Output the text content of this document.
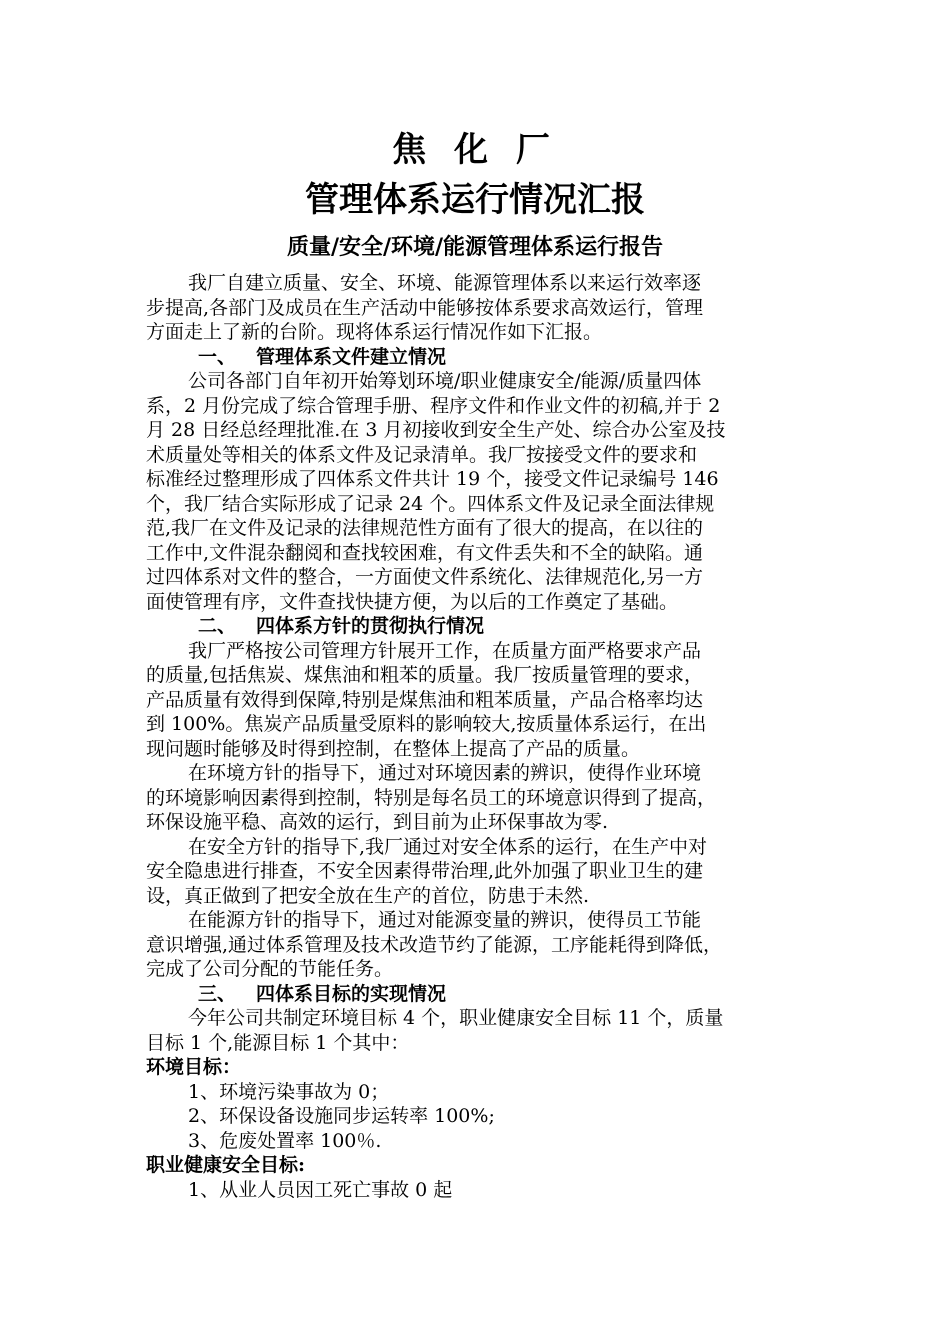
焦 化 厂
管理体系运行情况汇报
质量/安全/环境/能源管理体系运行报告
我厂自建立质量、安全、环境、能源管理体系以来运行效率逐
步提高,各部门及成员在生产活动中能够按体系要求高效运行，管理
方面走上了新的台阶。现将体系运行情况作如下汇报。
一、 管理体系文件建立情况
公司各部门自年初开始筹划环境/职业健康安全/能源/质量四体
系，2 月份完成了综合管理手册、程序文件和作业文件的初稿,并于 2
月 28 日经总经理批准.在 3 月初接收到安全生产处、综合办公室及技
术质量处等相关的体系文件及记录清单。我厂按接受文件的要求和
标准经过整理形成了四体系文件共计 19 个，接受文件记录编号 146
个，我厂结合实际形成了记录 24 个。四体系文件及记录全面法律规
范,我厂在文件及记录的法律规范性方面有了很大的提高，在以往的
工作中,文件混杂翻阅和查找较困难，有文件丢失和不全的缺陷。通
过四体系对文件的整合，一方面使文件系统化、法律规范化,另一方
面使管理有序，文件查找快捷方便，为以后的工作奠定了基础。
二、 四体系方针的贯彻执行情况
我厂严格按公司管理方针展开工作，在质量方面严格要求产品
的质量,包括焦炭、煤焦油和粗苯的质量。我厂按质量管理的要求，
产品质量有效得到保障,特别是煤焦油和粗苯质量，产品合格率均达
到 100%。焦炭产品质量受原料的影响较大,按质量体系运行，在出
现问题时能够及时得到控制，在整体上提高了产品的质量。
在环境方针的指导下，通过对环境因素的辨识，使得作业环境
的环境影响因素得到控制，特别是每名员工的环境意识得到了提高，
环保设施平稳、高效的运行，到目前为止环保事故为零.
在安全方针的指导下,我厂通过对安全体系的运行，在生产中对
安全隐患进行排查，不安全因素得带治理,此外加强了职业卫生的建
设，真正做到了把安全放在生产的首位，防患于未然.
在能源方针的指导下，通过对能源变量的辨识，使得员工节能
意识增强,通过体系管理及技术改造节约了能源，工序能耗得到降低，
完成了公司分配的节能任务。
三、 四体系目标的实现情况
今年公司共制定环境目标 4 个，职业健康安全目标 11 个，质量
目标 1 个,能源目标 1 个其中：
环境目标：
1、环境污染事故为 0；
2、环保设备设施同步运转率 100%;
3、危废处置率 100％.
职业健康安全目标:
1、从业人员因工死亡事故 0 起
